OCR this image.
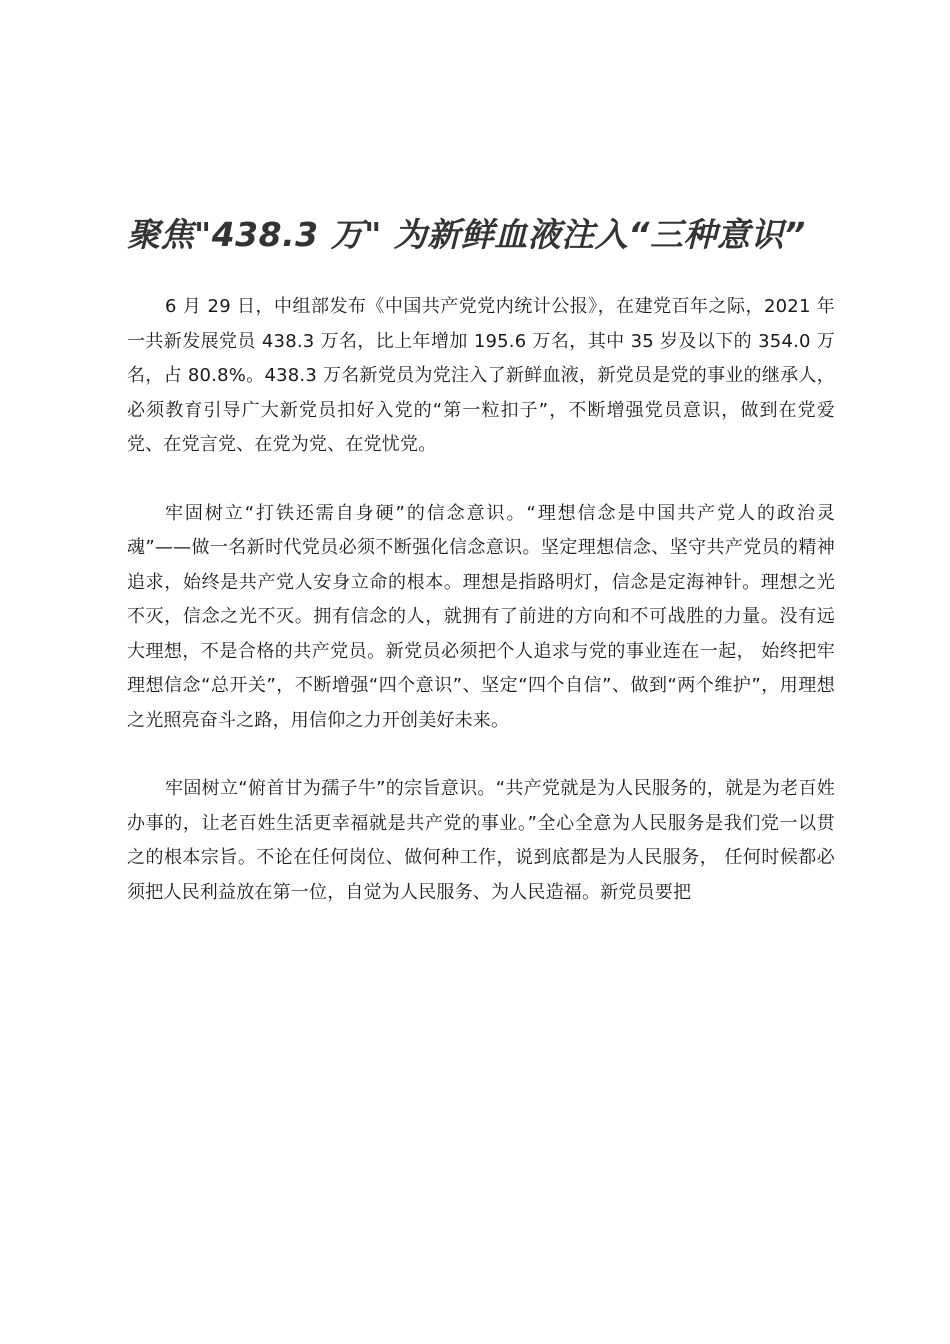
聚焦"438.3 万" 为新鲜血液注入“三种意识”

6 月 29 日，中组部发布《中国共产党党内统计公报》，在建党百年之际，2021 年一共新发展党员 438.3 万名，比上年增加 195.6 万名，其中 35 岁及以下的 354.0 万名，占 80.8%。438.3 万名新党员为党注入了新鲜血液，新党员是党的事业的继承人，必须教育引导广大新党员扣好入党的“第一粒扣子”，不断增强党员意识，做到在党爱党、在党言党、在党为党、在党忧党。

牢固树立“打铁还需自身硬”的信念意识。“理想信念是中国共产党人的政治灵魂”——做一名新时代党员必须不断强化信念意识。坚定理想信念、坚守共产党员的精神追求，始终是共产党人安身立命的根本。理想是指路明灯，信念是定海神针。理想之光不灭，信念之光不灭。拥有信念的人，就拥有了前进的方向和不可战胜的力量。没有远大理想，不是合格的共产党员。新党员必须把个人追求与党的事业连在一起， 始终把牢理想信念“总开关”，不断增强“四个意识”、坚定“四个自信”、做到“两个维护”，用理想之光照亮奋斗之路，用信仰之力开创美好未来。

牢固树立“俯首甘为孺子牛”的宗旨意识。“共产党就是为人民服务的，就是为老百姓办事的，让老百姓生活更幸福就是共产党的事业。”全心全意为人民服务是我们党一以贯之的根本宗旨。不论在任何岗位、做何种工作，说到底都是为人民服务， 任何时候都必须把人民利益放在第一位，自觉为人民服务、为人民造福。新党员要把
